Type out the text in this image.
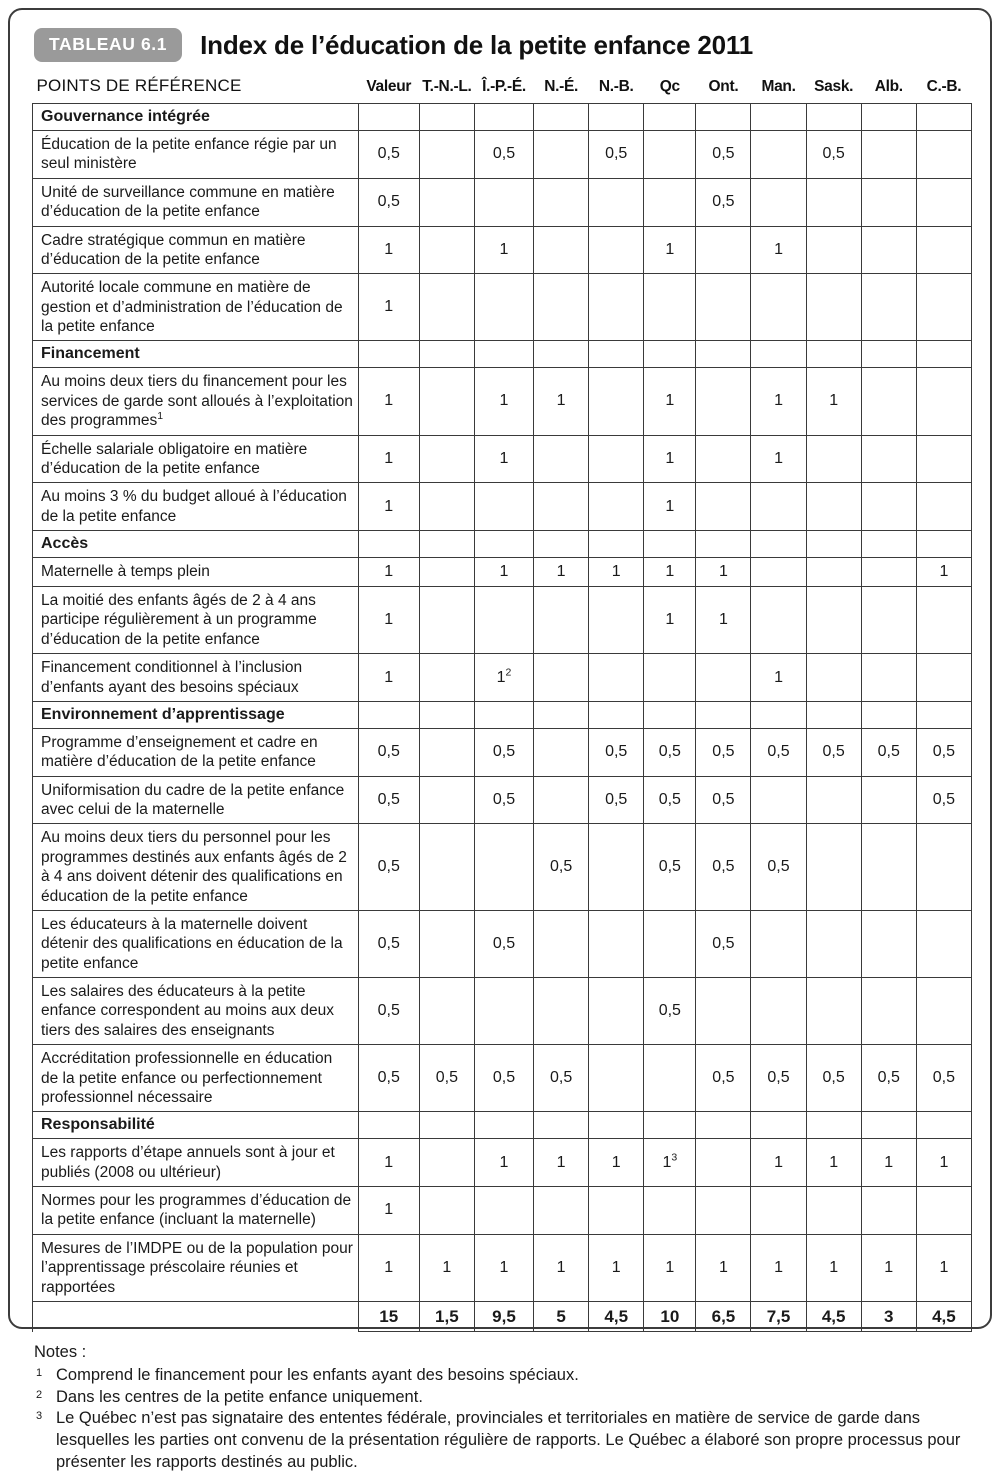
TABLEAU 6.1	Index de l’éducation de la petite enfance 2011
POINTS DE RÉFÉRENCE	Valeur	T.-N.-L.	Î.-P.-É.	N.-É.	N.-B.	Qc	Ont.	Man.	Sask.	Alb.	C.-B.
Gouvernance intégrée											
Éducation de la petite enfance régie par un seul ministère	0,5		0,5		0,5		0,5		0,5		
Unité de surveillance commune en matière d’éducation de la petite enfance	0,5						0,5				
Cadre stratégique commun en matière d’éducation de la petite enfance	1		1			1		1			
Autorité locale commune en matière de gestion et d’administration de l’éducation de la petite enfance	1										
Financement											
Au moins deux tiers du financement pour les services de garde sont alloués à l’exploitation des programmes$^1$	1		1	1		1		1	1		
Échelle salariale obligatoire en matière d’éducation de la petite enfance	1		1			1		1			
Au moins 3 % du budget alloué à l’éducation de la petite enfance	1					1					
Accès											
Maternelle à temps plein	1		1	1	1	1	1				1
La moitié des enfants âgés de 2 à 4 ans participe régulièrement à un programme d’éducation de la petite enfance	1					1	1				
Financement conditionnel à l’inclusion d’enfants ayant des besoins spéciaux	1		$1^2$					1			
Environnement d’apprentissage											
Programme d’enseignement et cadre en matière d’éducation de la petite enfance	0,5		0,5		0,5	0,5	0,5	0,5	0,5	0,5	0,5
Uniformisation du cadre de la petite enfance avec celui de la maternelle	0,5		0,5		0,5	0,5	0,5				0,5
Au moins deux tiers du personnel pour les programmes destinés aux enfants âgés de 2 à 4 ans doivent détenir des qualifications en éducation de la petite enfance	0,5			0,5		0,5	0,5	0,5			
Les éducateurs à la maternelle doivent détenir des qualifications en éducation de la petite enfance	0,5		0,5				0,5				
Les salaires des éducateurs à la petite enfance correspondent au moins aux deux tiers des salaires des enseignants	0,5					0,5					
Accréditation professionnelle en éducation de la petite enfance ou perfectionnement professionnel nécessaire	0,5	0,5	0,5	0,5			0,5	0,5	0,5	0,5	0,5
Responsabilité											
Les rapports d’étape annuels sont à jour et publiés (2008 ou ultérieur)	1		1	1	1	$1^3$		1	1	1	1
Normes pour les programmes d’éducation de la petite enfance (incluant la maternelle)	1										
Mesures de l’IMDPE ou de la population pour l’apprentissage préscolaire réunies et rapportées	1	1	1	1	1	1	1	1	1	1	1
	15	1,5	9,5	5	4,5	10	6,5	7,5	4,5	3	4,5
Notes :
1 Comprend le financement pour les enfants ayant des besoins spéciaux.
2 Dans les centres de la petite enfance uniquement.
3 Le Québec n’est pas signataire des ententes fédérale, provinciales et territoriales en matière de service de garde dans lesquelles les parties ont convenu de la présentation régulière de rapports. Le Québec a élaboré son propre processus pour présenter les rapports destinés au public.
